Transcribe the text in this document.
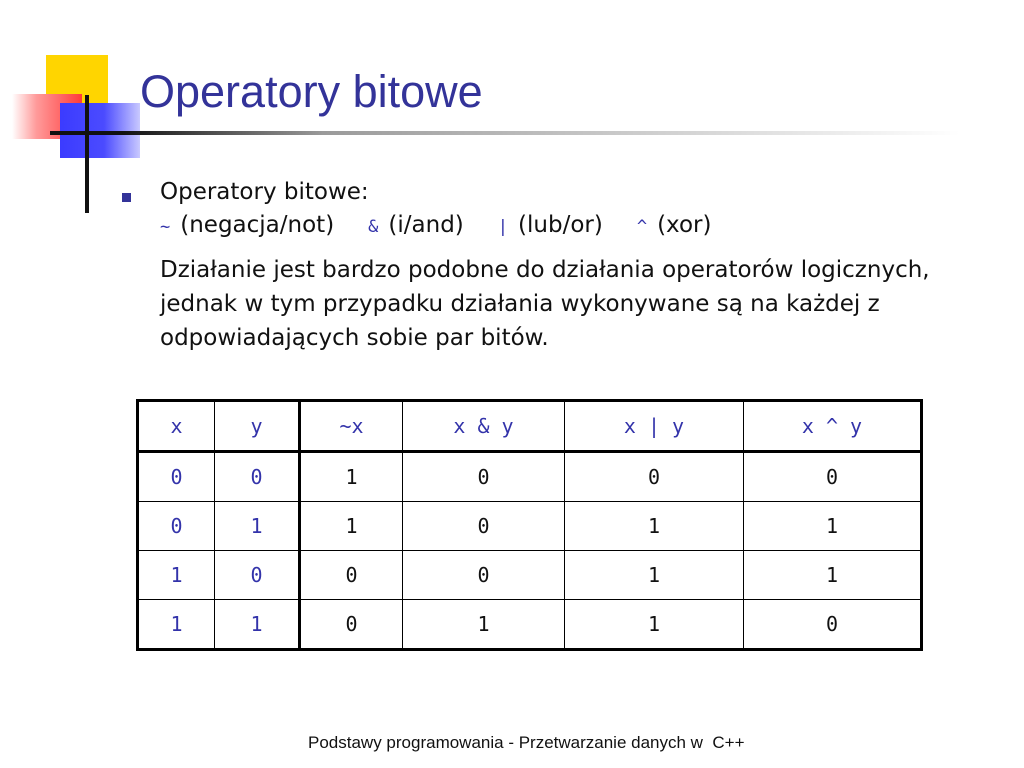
Operatory bitowe
Operatory bitowe:
~ (negacja/not) & (i/and) | (lub/or) ^ (xor)
Działanie jest bardzo podobne do działania operatorów logicznych, jednak w tym przypadku działania wykonywane są na każdej z odpowiadających sobie par bitów.
x	y	~x	x & y	x | y	x ^ y
0	0	1	0	0	0
0	1	1	0	1	1
1	0	0	0	1	1
1	1	0	1	1	0
Podstawy programowania - Przetwarzanie danych w  C++
